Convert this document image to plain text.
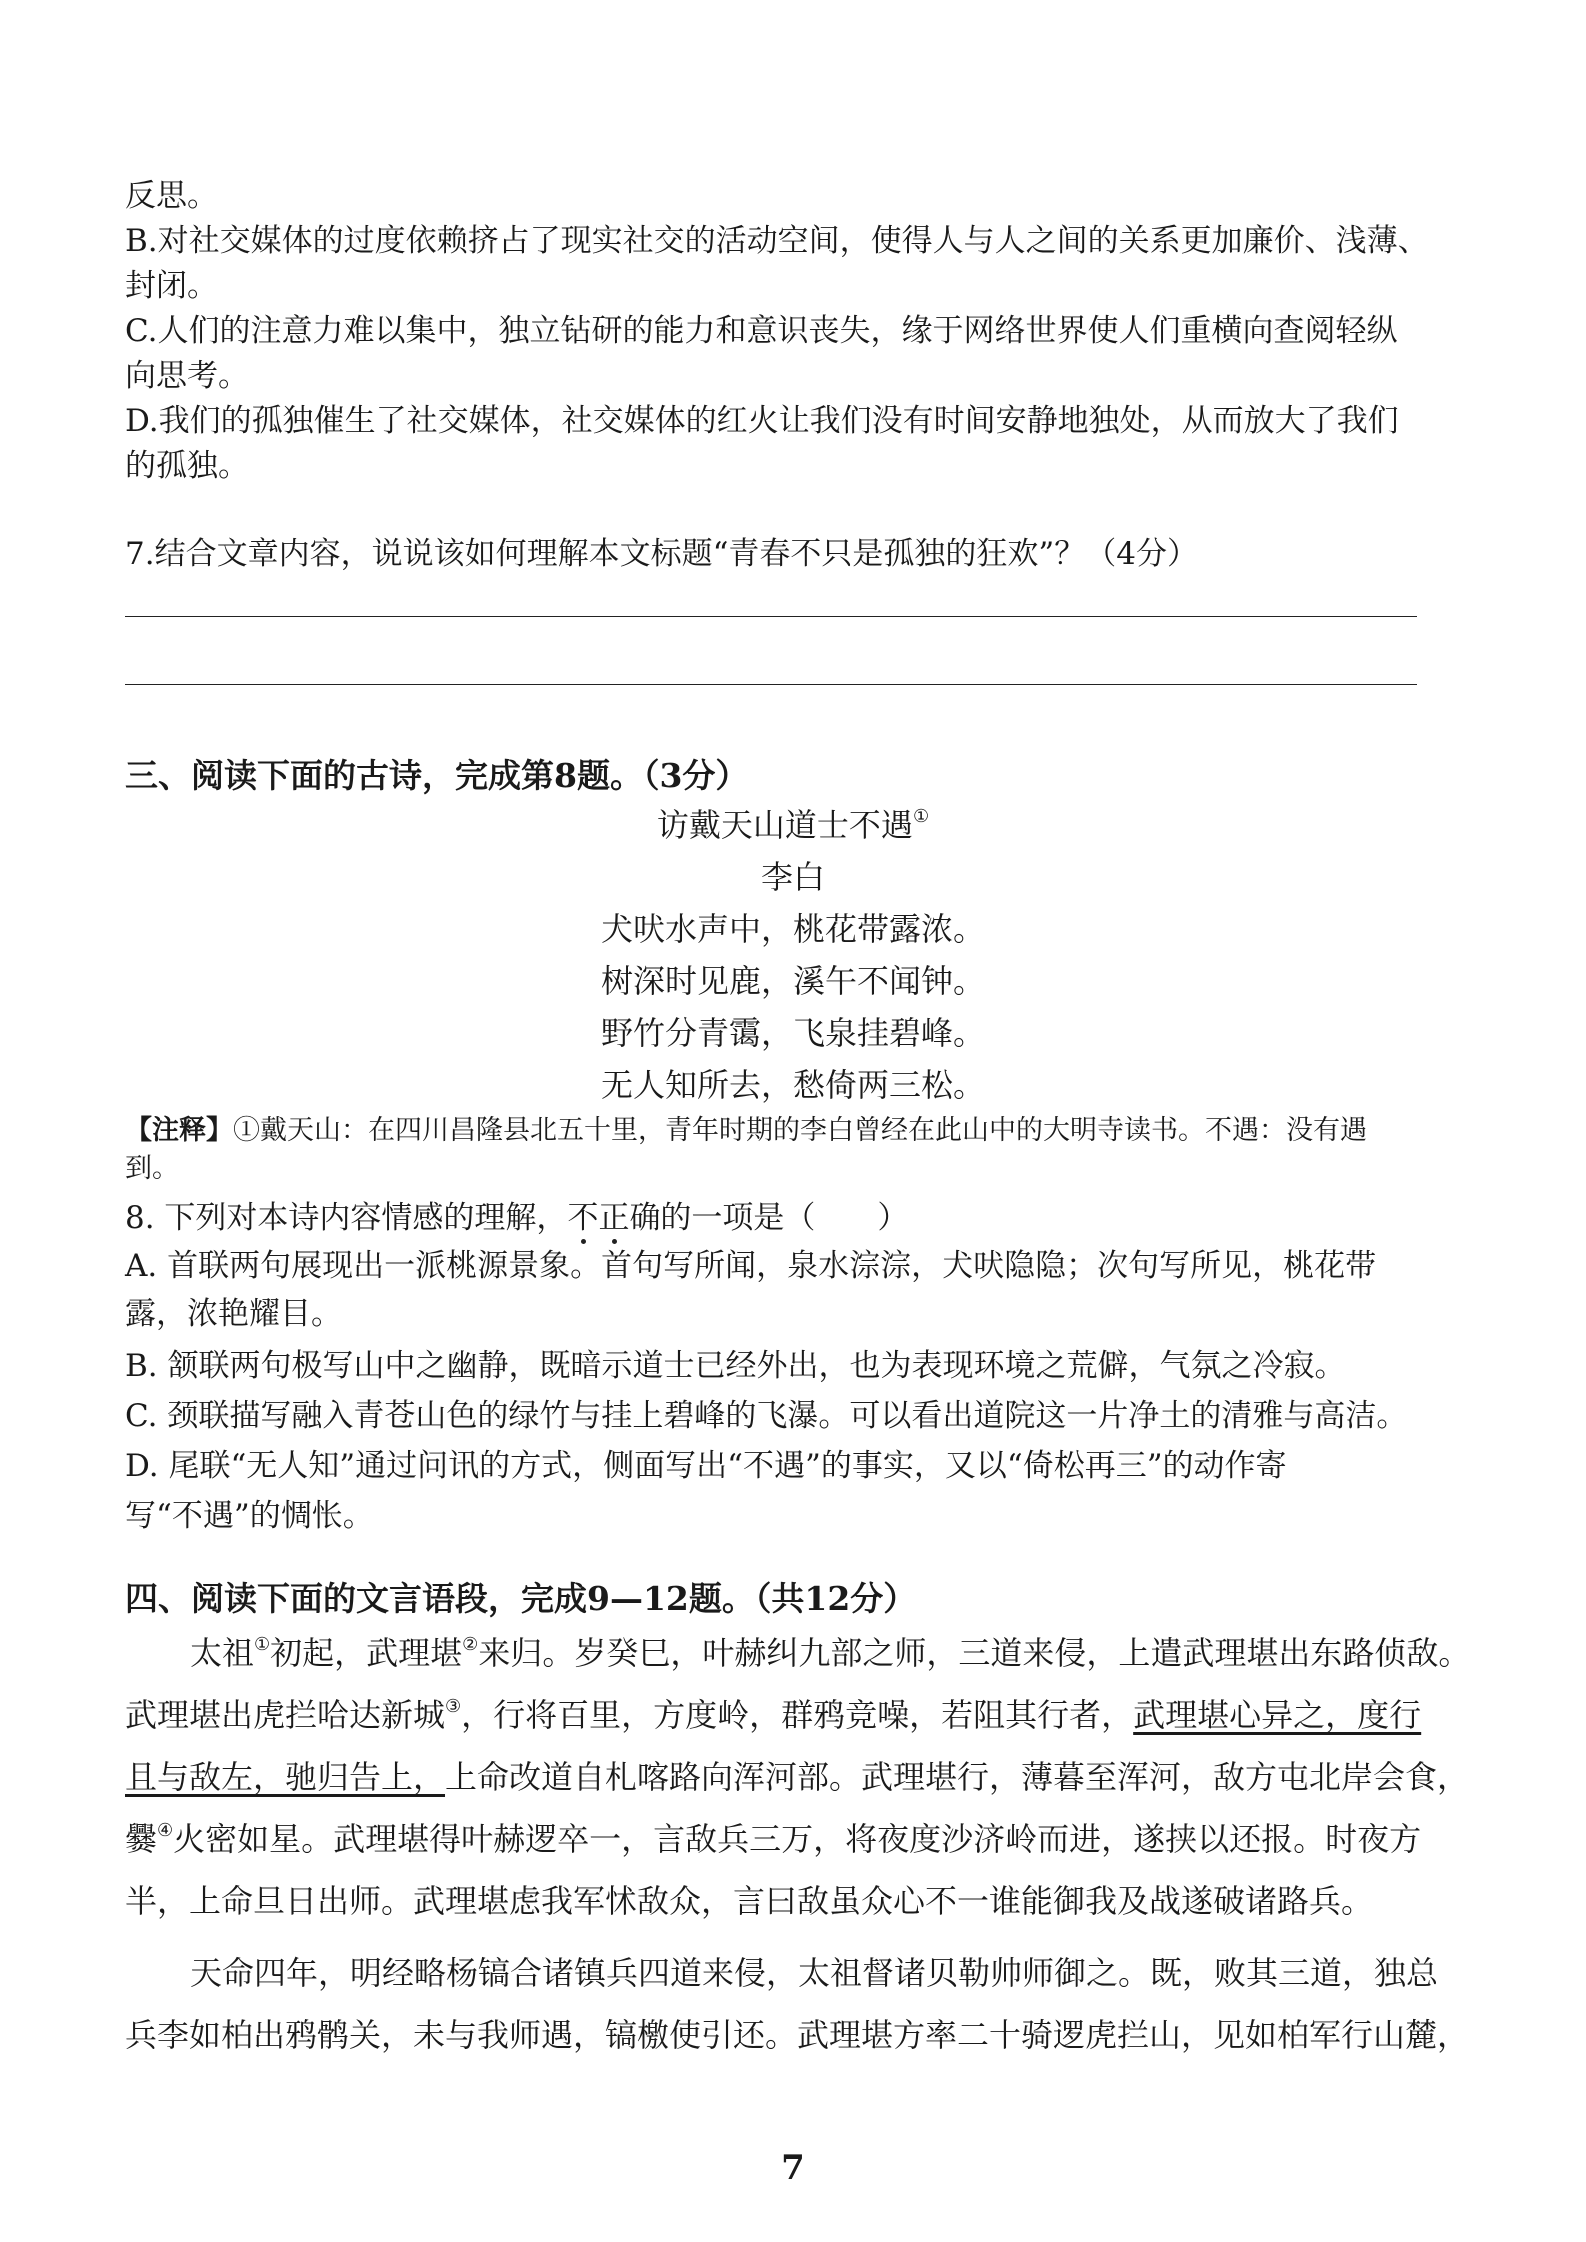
反思。
B.对社交媒体的过度依赖挤占了现实社交的活动空间，使得人与人之间的关系更加廉价、浅薄、
封闭。
C.人们的注意力难以集中，独立钻研的能力和意识丧失，缘于网络世界使人们重横向查阅轻纵
向思考。
D.我们的孤独催生了社交媒体，社交媒体的红火让我们没有时间安静地独处，从而放大了我们
的孤独。
7.结合文章内容，说说该如何理解本文标题“青春不只是孤独的狂欢”？（4分）
三、阅读下面的古诗，完成第8题。（3分）
访戴天山道士不遇①
李白
犬吠水声中，桃花带露浓。
树深时见鹿，溪午不闻钟。
野竹分青霭，飞泉挂碧峰。
无人知所去，愁倚两三松。
【注释】①戴天山：在四川昌隆县北五十里，青年时期的李白曾经在此山中的大明寺读书。不遇：没有遇
到。
8. 下列对本诗内容情感的理解，不正确的一项是（　　）
A. 首联两句展现出一派桃源景象。首句写所闻，泉水淙淙，犬吠隐隐；次句写所见，桃花带
露，浓艳耀目。
B. 颔联两句极写山中之幽静，既暗示道士已经外出，也为表现环境之荒僻，气氛之冷寂。
C. 颈联描写融入青苍山色的绿竹与挂上碧峰的飞瀑。可以看出道院这一片净土的清雅与高洁。
D. 尾联“无人知”通过问讯的方式，侧面写出“不遇”的事实，又以“倚松再三”的动作寄
写“不遇”的惆怅。
四、阅读下面的文言语段，完成9—12题。（共12分）
太祖①初起，武理堪②来归。岁癸巳，叶赫纠九部之师，三道来侵，上遣武理堪出东路侦敌。
武理堪出虎拦哈达新城③，行将百里，方度岭，群鸦竞噪，若阻其行者，武理堪心异之，度行
且与敌左，驰归告上，上命改道自札喀路向浑河部。武理堪行，薄暮至浑河，敌方屯北岸会食，
爨④火密如星。武理堪得叶赫逻卒一，言敌兵三万，将夜度沙济岭而进，遂挟以还报。时夜方
半，上命旦日出师。武理堪虑我军怵敌众，言曰敌虽众心不一谁能御我及战遂破诸路兵。
天命四年，明经略杨镐合诸镇兵四道来侵，太祖督诸贝勒帅师御之。既，败其三道，独总
兵李如柏出鸦鹘关，未与我师遇，镐檄使引还。武理堪方率二十骑逻虎拦山，见如柏军行山麓，
7
